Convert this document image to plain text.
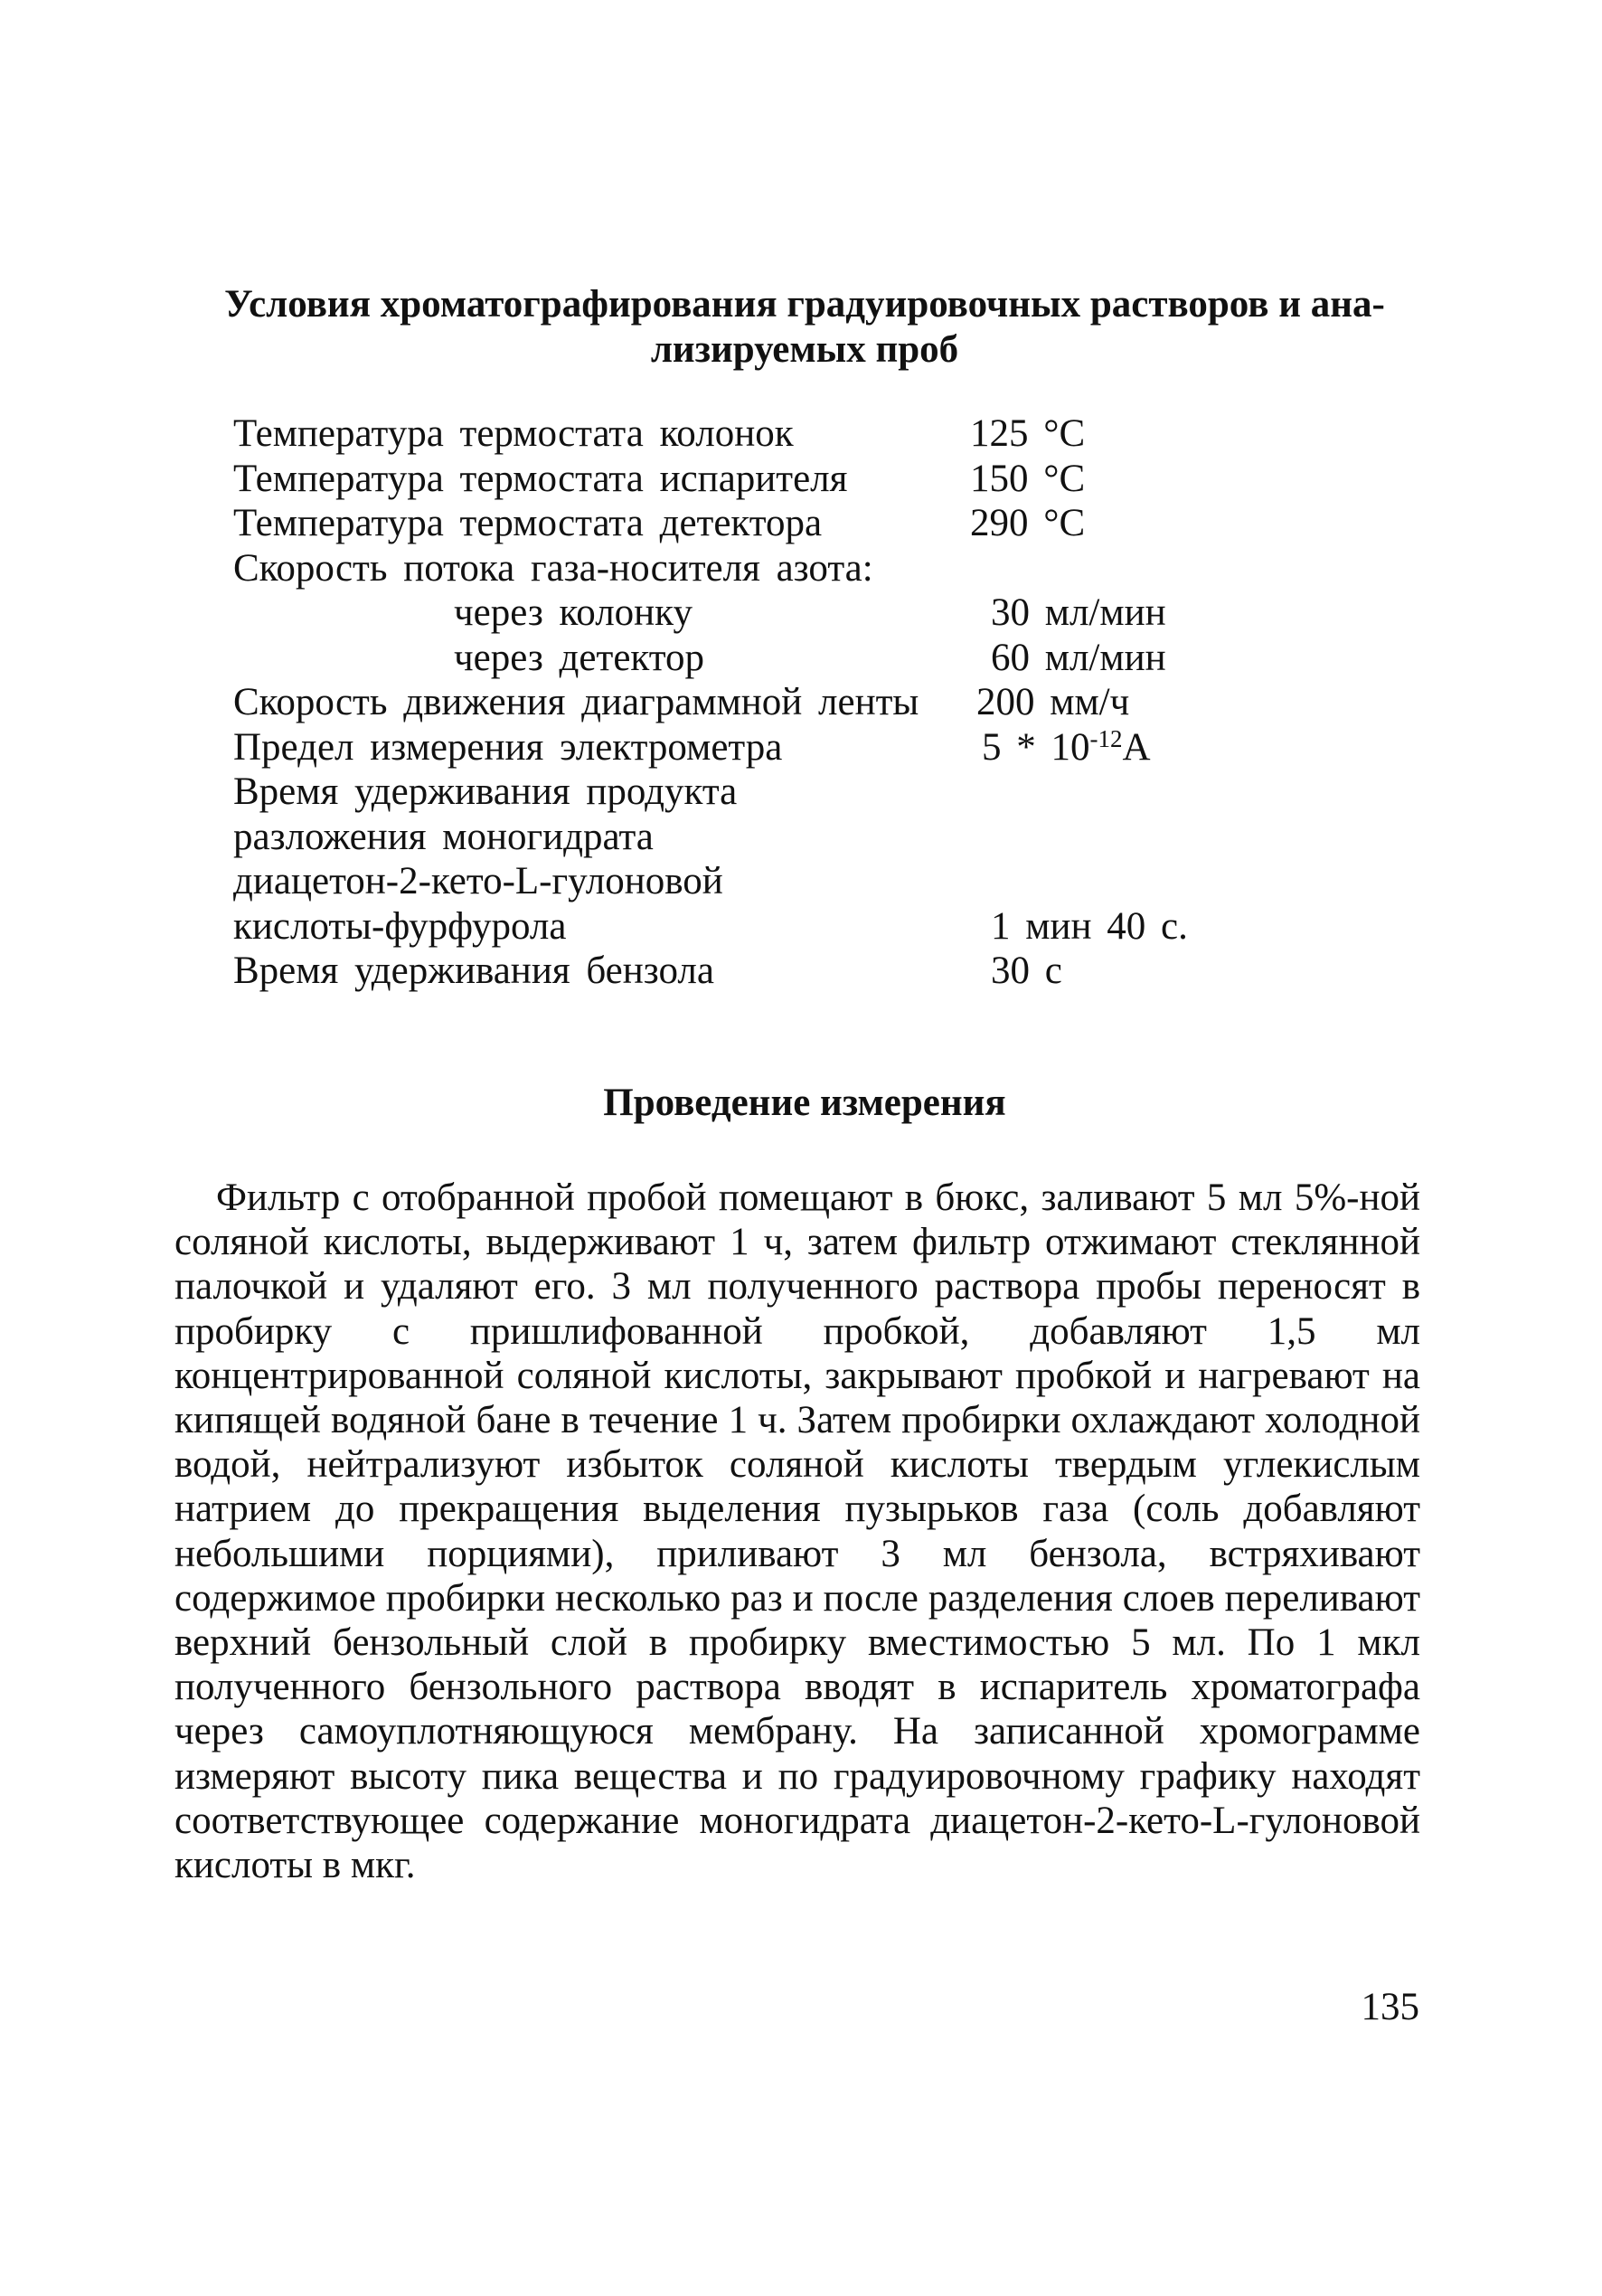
Условия хроматографирования градуировочных растворов и ана-
лизируемых проб
Температура термостата колонок	125 °С
Температура термостата испарителя	150 °С
Температура термостата детектора	290 °С
Скорость потока газа-носителя азота:
через колонку	30 мл/мин
через детектор	60 мл/мин
Скорость движения диаграммной ленты 200 мм/ч
Предел измерения электрометра	$5 * 10^{-12}А$
Время удерживания продукта
разложения моногидрата
диацетон-2-кето-L-гулоновой
кислоты-фурфурола	1 мин 40 с.
Время удерживания бензола	30 с
Проведение измерения

Фильтр с отобранной пробой помещают в бюкс, заливают 5 мл 5%-ной соляной кислоты, выдерживают 1 ч, затем фильтр отжимают стеклянной палочкой и удаляют его. 3 мл полученного раствора пробы переносят в пробирку с пришлифованной пробкой, добавляют 1,5 мл концентрированной соляной кислоты, закрывают пробкой и нагревают на кипящей водяной бане в течение 1 ч. Затем пробирки охлаждают холодной водой, нейтрализуют избыток соляной кислоты твердым углекислым натрием до прекращения выделения пузырьков газа (соль добавляют небольшими порциями), приливают 3 мл бензола, встряхивают содержимое пробирки несколько раз и после разделения слоев переливают верхний бензольный слой в пробирку вместимостью 5 мл. По 1 мкл полученного бензольного раствора вводят в испаритель хроматографа через самоуплотняющуюся мембрану. На записанной хромограмме измеряют высоту пика вещества и по градуировочному графику находят соответствующее содержание моногидрата диацетон-2-кето-L-гулоновой кислоты в мкг.

135
